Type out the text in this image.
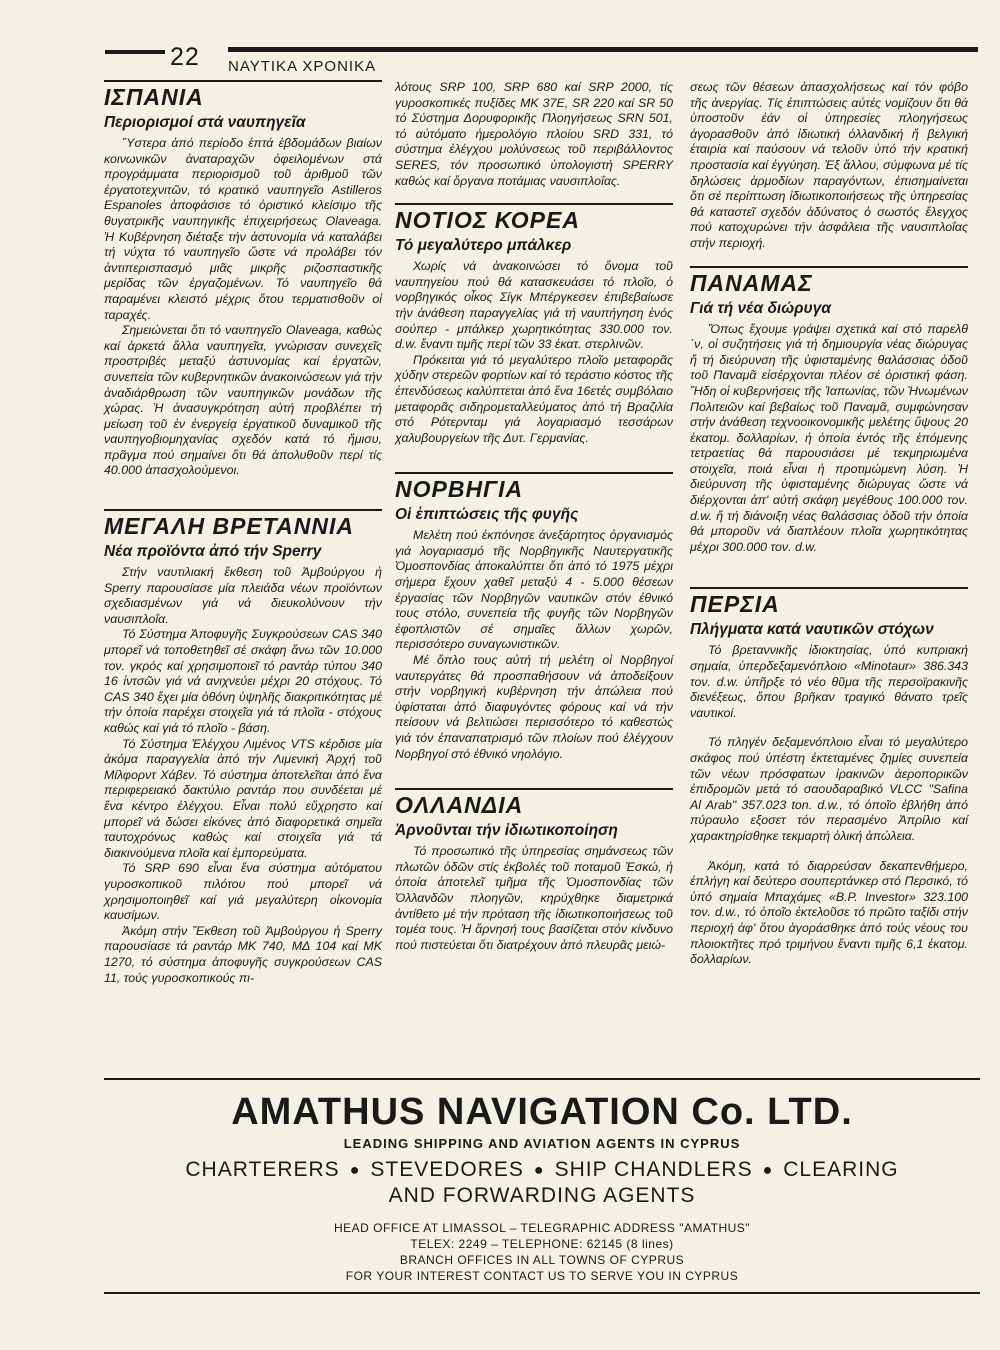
22 ΝΑΥΤΙΚΑ ΧΡΟΝΙΚΑ
ΙΣΠΑΝΙΑ
Περιορισμοί στά ναυπηγεῖα

Ὕστερα ἀπό περίοδο ἑπτά ἑβδομάδων βιαίων κοινωνικῶν ἀναταραχῶν ὀφειλομένων στά προγράμματα περιορισμοῦ τοῦ ἀριθμοῦ τῶν ἐργατοτεχνιτῶν, τό κρατικό ναυπηγεῖο Astilleros Espanoles ἀποφάσισε τό ὁριστικό κλείσιμο τῆς θυγατρικῆς ναυπηγικῆς ἐπιχειρήσεως Olaveaga. Ἡ Κυβέρνηση διέταξε τήν ἀστυνομία νά καταλάβει τή νύχτα τό ναυπηγεῖο ὥστε νά προλάβει τόν ἀντιπερισπασμό μιᾶς μικρῆς ριζοσπαστικῆς μερίδας τῶν ἐργαζομένων. Τό ναυπηγεῖο θά παραμένει κλειστό μέχρις ὅτου τερματισθοῦν οἱ ταραχές.

Σημειώνεται ὅτι τό ναυπηγεῖο Olaveaga, καθώς καί ἀρκετά ἄλλα ναυπηγεῖα, γνώρισαν συνεχεῖς προστριβές μεταξύ ἀστυνομίας καί ἐργατῶν, συνεπεία τῶν κυβερνητικῶν ἀνακοινώσεων γιά τήν ἀναδιάρθρωση τῶν ναυπηγικῶν μονάδων τῆς χώρας. Ἡ ἀνασυγκρότηση αὐτή προβλέπει τή μείωση τοῦ ἐν ἐνεργείᾳ ἐργατικοῦ δυναμικοῦ τῆς ναυπηγοβιομηχανίας σχεδόν κατά τό ἥμισυ, πρᾶγμα πού σημαίνει ὅτι θά ἀπολυθοῦν περί τίς 40.000 ἀπασχολούμενοι.

ΜΕΓΑΛΗ ΒΡΕΤΑΝΝΙΑ
Νέα προϊόντα ἀπό τήν Sperry

Στήν ναυτιλιακή ἔκθεση τοῦ Ἀμβούργου ἡ Sperry παρουσίασε μία πλειάδα νέων προϊόντων σχεδιασμένων γιά νά διευκολύνουν τήν ναυσιπλοΐα.

Τό Σύστημα Ἀποφυγῆς Συγκρούσεων CAS 340 μπορεῖ νά τοποθετηθεῖ σέ σκάφη ἄνω τῶν 10.000 τον. γκρός καί χρησιμοποιεῖ τό ραντάρ τύπου 340 16 ἰντσῶν γιά νά ανιχνεύει μέχρι 20 στόχους. Τό CAS 340 ἔχει μία ὀθόνη ὑψηλῆς διακριτικότητας μέ τήν ὁποία παρέχει στοιχεῖα γιά τά πλοῖα - στόχους καθώς καί γιά τό πλοῖο - βάση.

Τό Σύστημα Ἐλέγχου Λιμένος VTS κέρδισε μία ἀκόμα παραγγελία ἀπό τήν Λιμενική Ἀρχή τοῦ Μίλφορντ Χάβεν. Τό σύστημα ἀποτελεῖται ἀπό ἕνα περιφερειακό δακτύλιο ραντάρ που συνδέεται μέ ἕνα κέντρο ἐλέγχου. Εἶναι πολύ εὔχρηστο καί μπορεῖ νά δώσει εἰκόνες ἀπό διαφορετικά σημεῖα ταυτοχρόνως καθώς καί στοιχεῖα γιά τά διακινούμενα πλοῖα καί ἐμπορεύματα.

Τό SRP 690 εἶναι ἕνα σύστημα αὐτόματου γυροσκοπικοῦ πιλότου πού μπορεῖ νά χρησιμοποιηθεῖ καί γιά μεγαλύτερη οἰκονομία καυσίμων.

Ἀκόμη στήν Ἔκθεση τοῦ Ἀμβούργου ἡ Sperry παρουσίασε τά ραντάρ MK 740, ΜΔ 104 καί MK 1270, τό σύστημα ἀποφυγῆς συγκρούσεων CAS 11, τούς γυροσκοπικούς πι-

λότους SRP 100, SRP 680 καί SRP 2000, τίς γυροσκοπικές πυξίδες MK 37E, SR 220 καί SR 50 τό Σύστημα Δορυφορικῆς Πλοηγήσεως SRN 501, τό αὐτόματο ἡμερολόγιο πλοίου SRD 331, τό σύστημα ἐλέγχου μολύνσεως τοῦ περιβάλλοντος SERES, τόν προσωπικό ὑπολογιστή SPERRY καθώς καί ὄργανα ποτάμιας ναυσιπλοΐας.

ΝΟΤΙΟΣ ΚΟΡΕΑ
Τό μεγαλύτερο μπάλκερ

Χωρίς νά ἀνακοινώσει τό ὄνομα τοῦ ναυπηγείου πού θά κατασκευάσει τό πλοῖο, ὁ νορβηγικός οἶκος Σίγκ Μπέργκεσεν ἐπιβεβαίωσε τήν ἀνάθεση παραγγελίας γιά τή ναυπήγηση ἑνός σούπερ - μπάλκερ χωρητικότητας 330.000 τον. d.w. ἔναντι τιμῆς περί τῶν 33 ἑκατ. στερλινῶν.

Πρόκειται γιά τό μεγαλύτερο πλοῖο μεταφορᾶς χύδην στερεῶν φορτίων καί τό τεράστιο κόστος τῆς ἐπενδύσεως καλύπτεται ἀπό ἕνα 16ετές συμβόλαιο μεταφορᾶς σιδηρομεταλλεύματος ἀπό τή Βραζιλία στό Ρότερνταμ γιά λογαριασμό τεσσάρων χαλυβουργείων τῆς Δυτ. Γερμανίας.

ΝΟΡΒΗΓΙΑ
Οἱ ἐπιπτώσεις τῆς φυγῆς

Μελέτη πού ἐκπόνησε ἀνεξάρτητος ὀργανισμός γιά λογαριασμό τῆς Νορβηγικῆς Ναυτεργατικῆς Ὁμοσπονδίας ἀποκαλύπτει ὅτι ἀπό τό 1975 μέχρι σήμερα ἔχουν χαθεῖ μεταξύ 4 - 5.000 θέσεων ἐργασίας τῶν Νορβηγῶν ναυτικῶν στόν ἐθνικό τους στόλο, συνεπεία τῆς φυγῆς τῶν Νορβηγῶν ἐφοπλιστῶν σέ σημαῖες ἄλλων χωρῶν, περισσότερο συναγωνιστικῶν.

Μέ ὅπλο τους αὐτή τή μελέτη οἱ Νορβηγοί ναυτεργάτες θά προσπαθήσουν νά ἀποδείξουν στήν νορβηγική κυβέρνηση τήν ἀπώλεια πού ὑφίσταται ἀπό διαφυγόντες φόρους καί νά τήν πείσουν νά βελτιώσει περισσότερο τό καθεστώς γιά τόν ἐπαναπατρισμό τῶν πλοίων πού ἐλέγχουν Νορβηγοί στό ἐθνικό νηολόγιο.

ΟΛΛΑΝΔΙΑ
Ἀρνοῦνται τήν ἰδιωτικοποίηση

Τό προσωπικό τῆς ὑπηρεσίας σημάνσεως τῶν πλωτῶν ὁδῶν στίς ἐκβολές τοῦ ποταμοῦ Ἐσκώ, ἡ ὁποία ἀποτελεῖ τμῆμα τῆς Ὁμοσπονδίας τῶν Ὀλλανδῶν πλοηγῶν, κηρύχθηκε διαμετρικά ἀντίθετο μέ τήν πρόταση τῆς ἰδιωτικοποιήσεως τοῦ τομέα τους. Ἡ ἄρνησή τους βασίζεται στόν κίνδυνο πού πιστεύεται ὅτι διατρέχουν ἀπό πλευρᾶς μειώ-

σεως τῶν θέσεων ἀπασχολήσεως καί τόν φόβο τῆς ἀνεργίας. Τίς ἐπιπτώσεις αὐτές νομίζουν ὅτι θά ὑποστοῦν ἐάν οἱ ὑπηρεσίες πλοηγήσεως ἀγορασθοῦν ἀπό ἰδιωτική ὀλλανδική ἤ βελγική ἑταιρία καί παύσουν νά τελοῦν ὑπό τήν κρατική προστασία καί ἐγγύηση. Ἐξ ἄλλου, σύμφωνα μέ τίς δηλώσεις ἁρμοδίων παραγόντων, ἐπισημαίνεται ὅτι σέ περίπτωση ἰδιωτικοποιήσεως τῆς ὑπηρεσίας θά καταστεῖ σχεδόν ἀδύνατος ὁ σωστός ἔλεγχος πού κατοχυρώνει τήν ἀσφάλεια τῆς ναυσιπλοΐας στήν περιοχή.

ΠΑΝΑΜΑΣ
Γιά τή νέα διώρυγα

Ὅπως ἔχουμε γράψει σχετικά καί στό παρελθ ΄ν, οἱ συζητήσεις γιά τή δημιουργία νέας διώρυγας ἤ τή διεύρυνση τῆς ὑφισταμένης θαλάσσιας ὁδοῦ τοῦ Παναμᾶ εἰσέρχονται πλέον σέ ὁριστική φάση. Ἤδη οἱ κυβερνήσεις τῆς Ἰαπωνίας, τῶν Ἡνωμένων Πολιτειῶν καί βεβαίως τοῦ Παναμᾶ, συμφώνησαν στήν ἀνάθεση τεχνοοικονομικῆς μελέτης ὕψους 20 ἑκατομ. δολλαρίων, ἡ ὁποία ἐντός τῆς ἑπόμενης τετραετίας θά παρουσιάσει μέ τεκμηριωμένα στοιχεῖα, ποιά εἶναι ἡ προτιμώμενη λύση. Ἡ διεύρυνση τῆς ὑφισταμένης διώρυγας ὥστε νά διέρχονται ἀπ' αὐτή σκάφη μεγέθους 100.000 τον. d.w. ἤ τή διάνοιξη νέας θαλάσσιας ὁδοῦ τήν ὁποία θά μποροῦν νά διαπλέουν πλοῖα χωρητικότητας μέχρι 300.000 τον. d.w.

ΠΕΡΣΙΑ
Πλήγματα κατά ναυτικῶν στόχων

Τό βρεταννικῆς ἰδιοκτησίας, ὑπό κυπριακή σημαία, ὑπερδεξαμενόπλοιο «Minotaur» 386.343 τον. d.w. ὑπῆρξε τό νέο θῦμα τῆς περσοϊρακινῆς διενέξεως, ὅπου βρῆκαν τραγικό θάνατο τρεῖς ναυτικοί.

Τό πληγέν δεξαμενόπλοιο εἶναι τό μεγαλύτερο σκάφος πού ὑπέστη ἐκτεταμένες ζημίες συνεπεία τῶν νέων πρόσφατων ἰρακινῶν ἀεροπορικῶν ἐπιδρομῶν μετά τό σαουδαραβικό VLCC "Safina Al Arab" 357.023 ton. d.w., τό ὁποῖο ἐβλήθη ἀπό πύραυλο εξοσετ τόν περασμένο Ἀπρίλιο καί χαρακτηρίσθηκε τεκμαρτή ὁλική ἀπώλεια.

Ἀκόμη, κατά τό διαρρεύσαν δεκαπενθήμερο, ἐπλήγη καί δεύτερο σουπερτάνκερ στό Περσικό, τό ὑπό σημαία Μπαχάμες «B.P. Investor» 323.100 τον. d.w., τό ὁποῖο ἐκτελοῦσε τό πρῶτο ταξίδι στήν περιοχή ἀφ' ὅτου ἀγοράσθηκε ἀπό τούς νέους του πλοιοκτῆτες πρό τριμήνου ἔναντι τιμῆς 6,1 ἑκατομ. δολλαρίων.

AMATHUS NAVIGATION Co. LTD.
LEADING SHIPPING AND AVIATION AGENTS IN CYPRUS
CHARTERERS ● STEVEDORES ● SHIP CHANDLERS ● CLEARING
AND FORWARDING AGENTS

HEAD OFFICE AT LIMASSOL – TELEGRAPHIC ADDRESS "AMATHUS"

TELEX: 2249 – TELEPHONE: 62145 (8 lines)

BRANCH OFFICES IN ALL TOWNS OF CYPRUS

FOR YOUR INTEREST CONTACT US TO SERVE YOU IN CYPRUS
